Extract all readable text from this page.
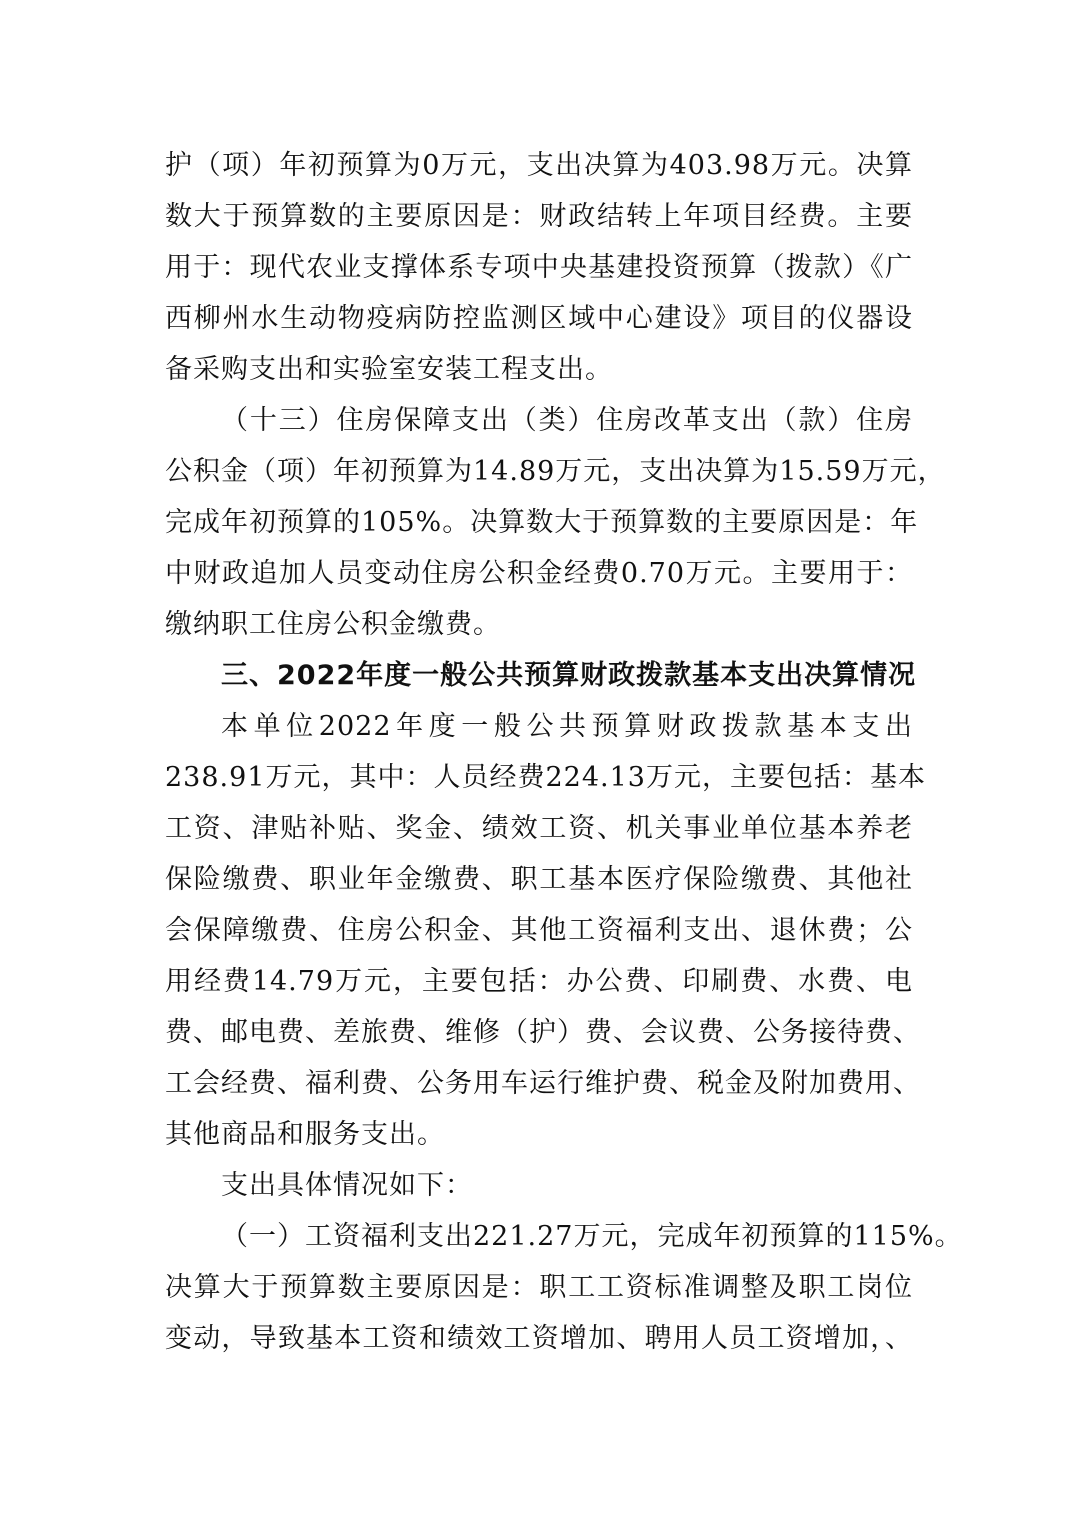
护（项）年初预算为0万元，支出决算为403.98万元。决算
数大于预算数的主要原因是：财政结转上年项目经费。主要
用于：现代农业支撑体系专项中央基建投资预算（拨款）《广
西柳州水生动物疫病防控监测区域中心建设》项目的仪器设
备采购支出和实验室安装工程支出。
（十三）住房保障支出（类）住房改革支出（款）住房
公积金（项）年初预算为14.89万元，支出决算为15.59万元，
完成年初预算的105%。决算数大于预算数的主要原因是：年
中财政追加人员变动住房公积金经费0.70万元。主要用于：
缴纳职工住房公积金缴费。
三、2022年度一般公共预算财政拨款基本支出决算情况
本单位2022年度一般公共预算财政拨款基本支出
238.91万元，其中：人员经费224.13万元，主要包括：基本
工资、津贴补贴、奖金、绩效工资、机关事业单位基本养老
保险缴费、职业年金缴费、职工基本医疗保险缴费、其他社
会保障缴费、住房公积金、其他工资福利支出、退休费；公
用经费14.79万元，主要包括：办公费、印刷费、水费、电
费、邮电费、差旅费、维修（护）费、会议费、公务接待费、
工会经费、福利费、公务用车运行维护费、税金及附加费用、
其他商品和服务支出。
支出具体情况如下：
（一）工资福利支出221.27万元，完成年初预算的115%。
决算大于预算数主要原因是：职工工资标准调整及职工岗位
变动，导致基本工资和绩效工资增加、聘用人员工资增加，、
